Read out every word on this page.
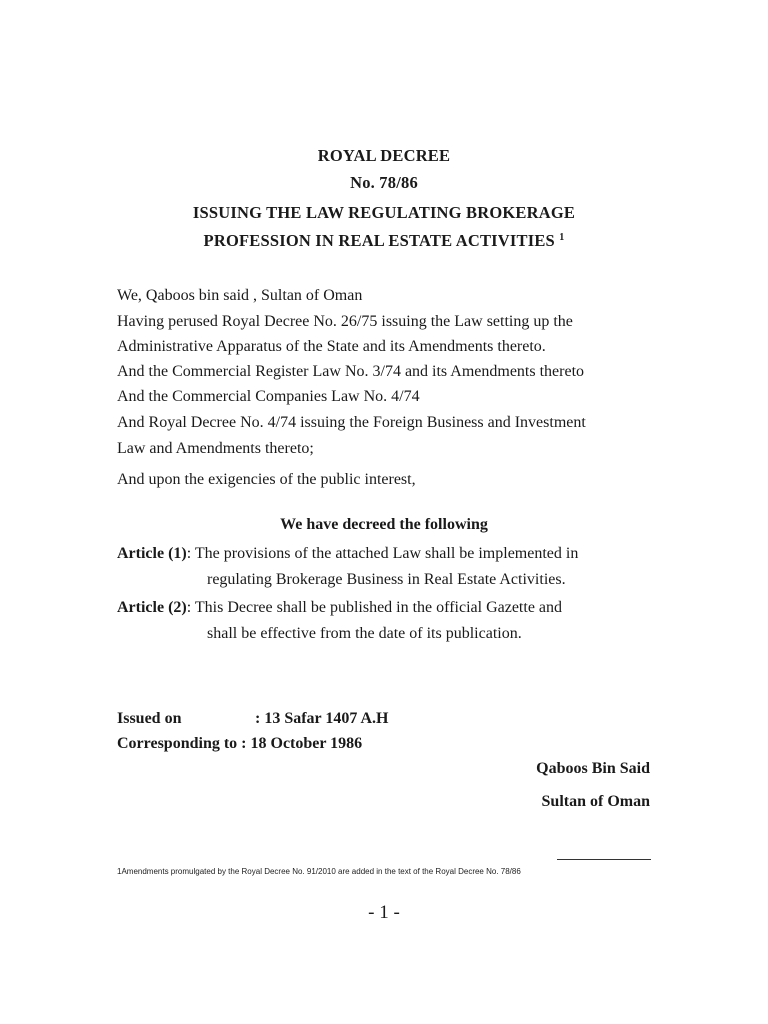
ROYAL DECREE
No. 78/86
ISSUING THE LAW REGULATING BROKERAGE
PROFESSION IN REAL ESTATE ACTIVITIES $^1$
We, Qaboos bin said , Sultan of Oman
Having perused Royal Decree No. 26/75 issuing the Law setting up the
Administrative Apparatus of the State and its Amendments thereto.
And the Commercial Register Law No. 3/74 and its Amendments thereto
And the Commercial Companies Law No. 4/74
And Royal Decree No. 4/74 issuing the Foreign Business and Investment
Law and Amendments thereto;
And upon the exigencies of the public interest,
We have decreed the following
Article (1): The provisions of the attached Law shall be implemented in
regulating Brokerage Business in Real Estate Activities.
Article (2): This Decree shall be published in the official Gazette and
shall be effective from the date of its publication.
Issued on	: 13 Safar 1407 A.H
Corresponding to : 18 October 1986
Qaboos Bin Said
Sultan of Oman
1Amendments promulgated by the Royal Decree No. 91/2010 are added in the text of the Royal Decree No. 78/86
- 1 -
